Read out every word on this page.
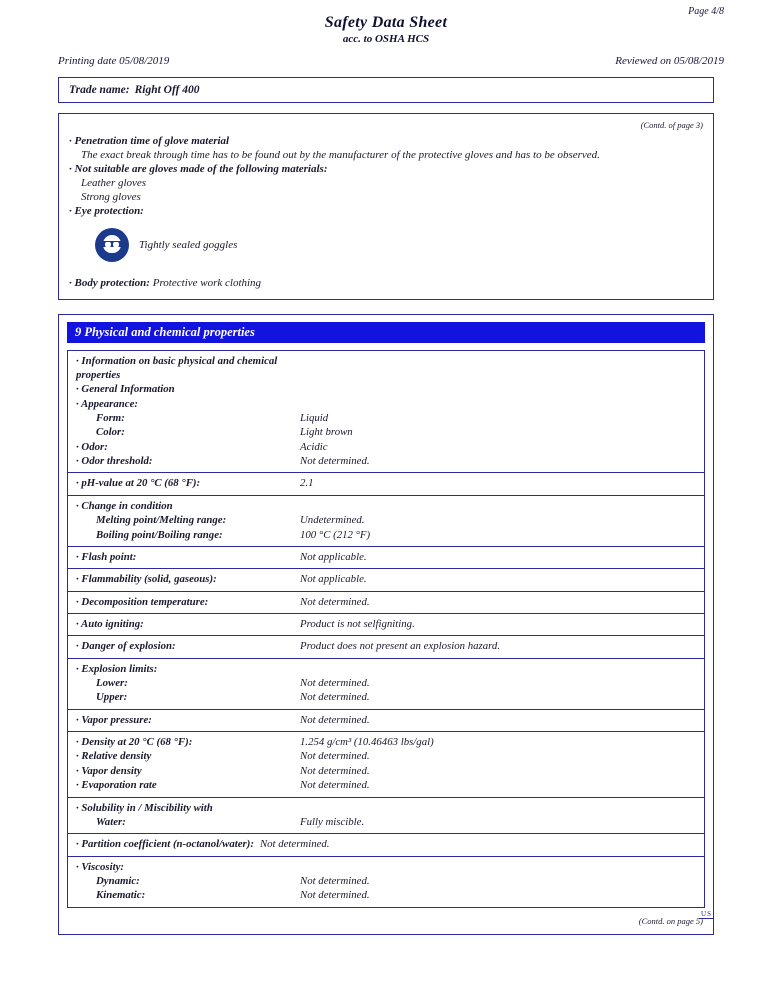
Page 4/8
Safety Data Sheet
acc. to OSHA HCS
Printing date 05/08/2019	Reviewed on 05/08/2019
Trade name: Right Off 400
(Contd. of page 3)
· Penetration time of glove material
The exact break through time has to be found out by the manufacturer of the protective gloves and has to be observed.
· Not suitable are gloves made of the following materials:
Leather gloves
Strong gloves
· Eye protection:
Tightly sealed goggles
· Body protection: Protective work clothing
9 Physical and chemical properties
· Information on basic physical and chemical properties
· General Information
· Appearance:
Form:	Liquid
Color:	Light brown
· Odor:	Acidic
· Odor threshold:	Not determined.
· pH-value at 20 °C (68 °F):	2.1
· Change in condition
Melting point/Melting range:	Undetermined.
Boiling point/Boiling range:	100 °C (212 °F)
· Flash point:	Not applicable.
· Flammability (solid, gaseous):	Not applicable.
· Decomposition temperature:	Not determined.
· Auto igniting:	Product is not selfigniting.
· Danger of explosion:	Product does not present an explosion hazard.
· Explosion limits:
Lower:	Not determined.
Upper:	Not determined.
· Vapor pressure:	Not determined.
· Density at 20 °C (68 °F):	1.254 g/cm³ (10.46463 lbs/gal)
· Relative density	Not determined.
· Vapor density	Not determined.
· Evaporation rate	Not determined.
· Solubility in / Miscibility with
Water:	Fully miscible.
· Partition coefficient (n-octanol/water): Not determined.
· Viscosity:
Dynamic:	Not determined.
Kinematic:	Not determined.
(Contd. on page 5)
US
